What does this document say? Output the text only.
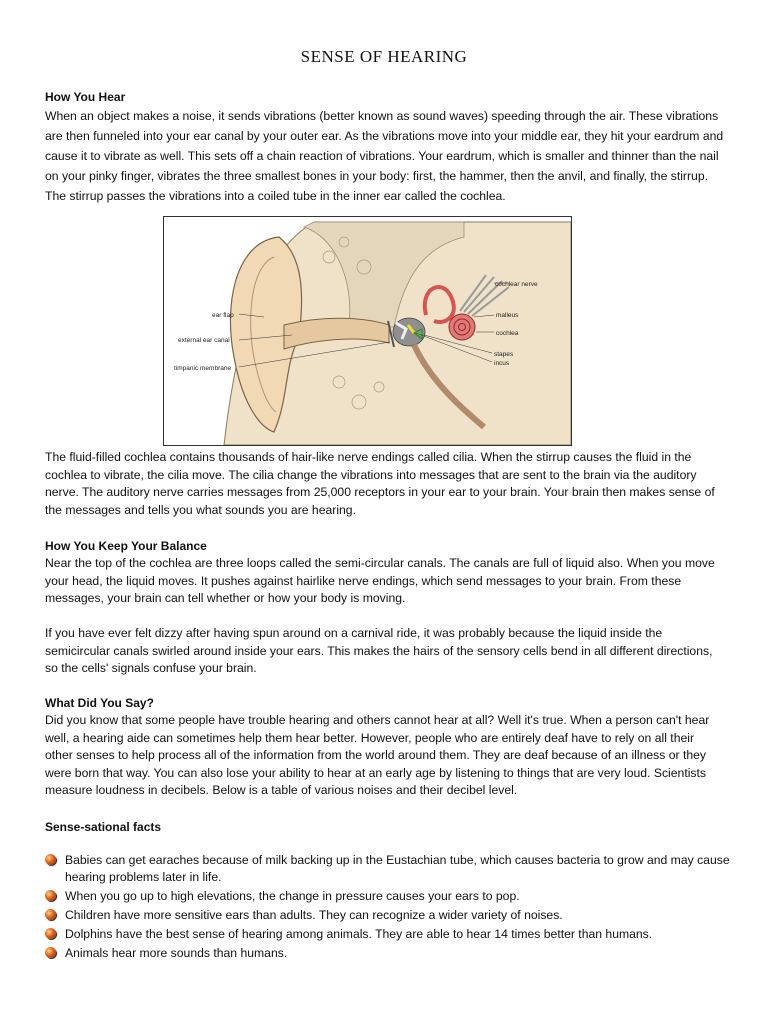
SENSE OF HEARING
How You Hear
When an object makes a noise, it sends vibrations (better known as sound waves) speeding through the air. These vibrations are then funneled into your ear canal by your outer ear. As the vibrations move into your middle ear, they hit your eardrum and cause it to vibrate as well. This sets off a chain reaction of vibrations. Your eardrum, which is smaller and thinner than the nail on your pinky finger, vibrates the three smallest bones in your body: first, the hammer, then the anvil, and finally, the stirrup. The stirrup passes the vibrations into a coiled tube in the inner ear called the cochlea.
ear flap
external ear canal
timpanic membrane
cochlear nerve
malleus
cochlea
stapes
incus
The fluid-filled cochlea contains thousands of hair-like nerve endings called cilia. When the stirrup causes the fluid in the cochlea to vibrate, the cilia move. The cilia change the vibrations into messages that are sent to the brain via the auditory nerve. The auditory nerve carries messages from 25,000 receptors in your ear to your brain. Your brain then makes sense of the messages and tells you what sounds you are hearing.
How You Keep Your Balance
Near the top of the cochlea are three loops called the semi-circular canals. The canals are full of liquid also. When you move your head, the liquid moves. It pushes against hairlike nerve endings, which send messages to your brain. From these messages, your brain can tell whether or how your body is moving.
If you have ever felt dizzy after having spun around on a carnival ride, it was probably because the liquid inside the semicircular canals swirled around inside your ears. This makes the hairs of the sensory cells bend in all different directions, so the cells' signals confuse your brain.
What Did You Say?
Did you know that some people have trouble hearing and others cannot hear at all? Well it's true. When a person can't hear well, a hearing aide can sometimes help them hear better. However, people who are entirely deaf have to rely on all their other senses to help process all of the information from the world around them. They are deaf because of an illness or they were born that way. You can also lose your ability to hear at an early age by listening to things that are very loud. Scientists measure loudness in decibels. Below is a table of various noises and their decibel level.
Sense-sational facts
Babies can get earaches because of milk backing up in the Eustachian tube, which causes bacteria to grow and may cause hearing problems later in life.
When you go up to high elevations, the change in pressure causes your ears to pop.
Children have more sensitive ears than adults. They can recognize a wider variety of noises.
Dolphins have the best sense of hearing among animals. They are able to hear 14 times better than humans.
Animals hear more sounds than humans.
